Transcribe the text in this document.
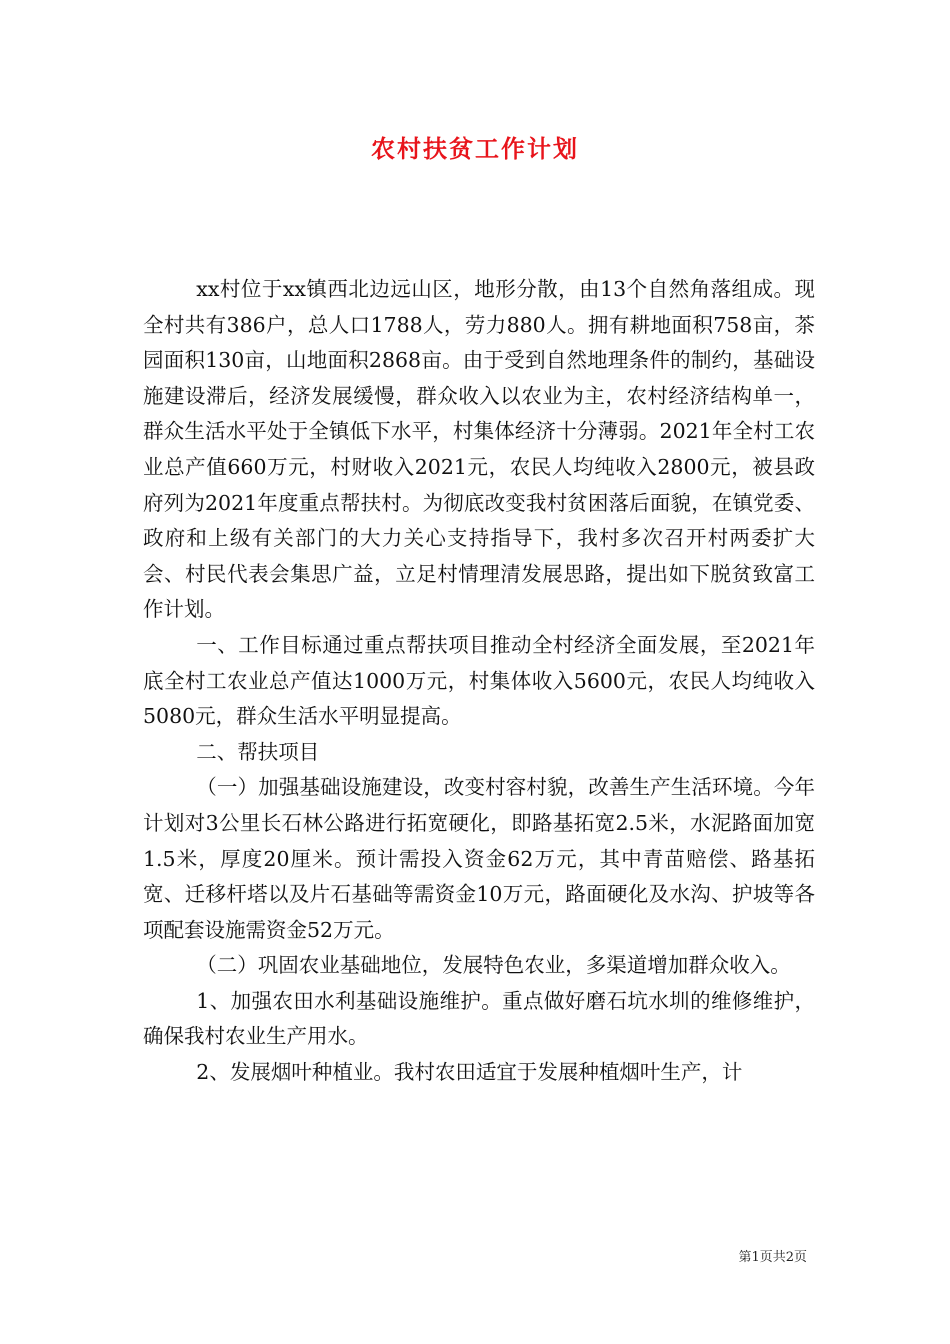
农村扶贫工作计划

xx村位于xx镇西北边远山区，地形分散，由13个自然角落组成。现全村共有386户，总人口1788人，劳力880人。拥有耕地面积758亩，茶园面积130亩，山地面积2868亩。由于受到自然地理条件的制约，基础设施建设滞后，经济发展缓慢，群众收入以农业为主，农村经济结构单一，群众生活水平处于全镇低下水平，村集体经济十分薄弱。2021年全村工农业总产值660万元，村财收入2021元，农民人均纯收入2800元，被县政府列为2021年度重点帮扶村。为彻底改变我村贫困落后面貌，在镇党委、政府和上级有关部门的大力关心支持指导下，我村多次召开村两委扩大会、村民代表会集思广益，立足村情理清发展思路，提出如下脱贫致富工作计划。

一、工作目标通过重点帮扶项目推动全村经济全面发展，至2021年底全村工农业总产值达1000万元，村集体收入5600元，农民人均纯收入5080元，群众生活水平明显提高。

二、帮扶项目

（一）加强基础设施建设，改变村容村貌，改善生产生活环境。今年计划对3公里长石林公路进行拓宽硬化，即路基拓宽2.5米，水泥路面加宽1.5米，厚度20厘米。预计需投入资金62万元，其中青苗赔偿、路基拓宽、迁移杆塔以及片石基础等需资金10万元，路面硬化及水沟、护坡等各项配套设施需资金52万元。

（二）巩固农业基础地位，发展特色农业，多渠道增加群众收入。

1、加强农田水利基础设施维护。重点做好磨石坑水圳的维修维护，确保我村农业生产用水。

2、发展烟叶种植业。我村农田适宜于发展种植烟叶生产，计

第1页共2页
